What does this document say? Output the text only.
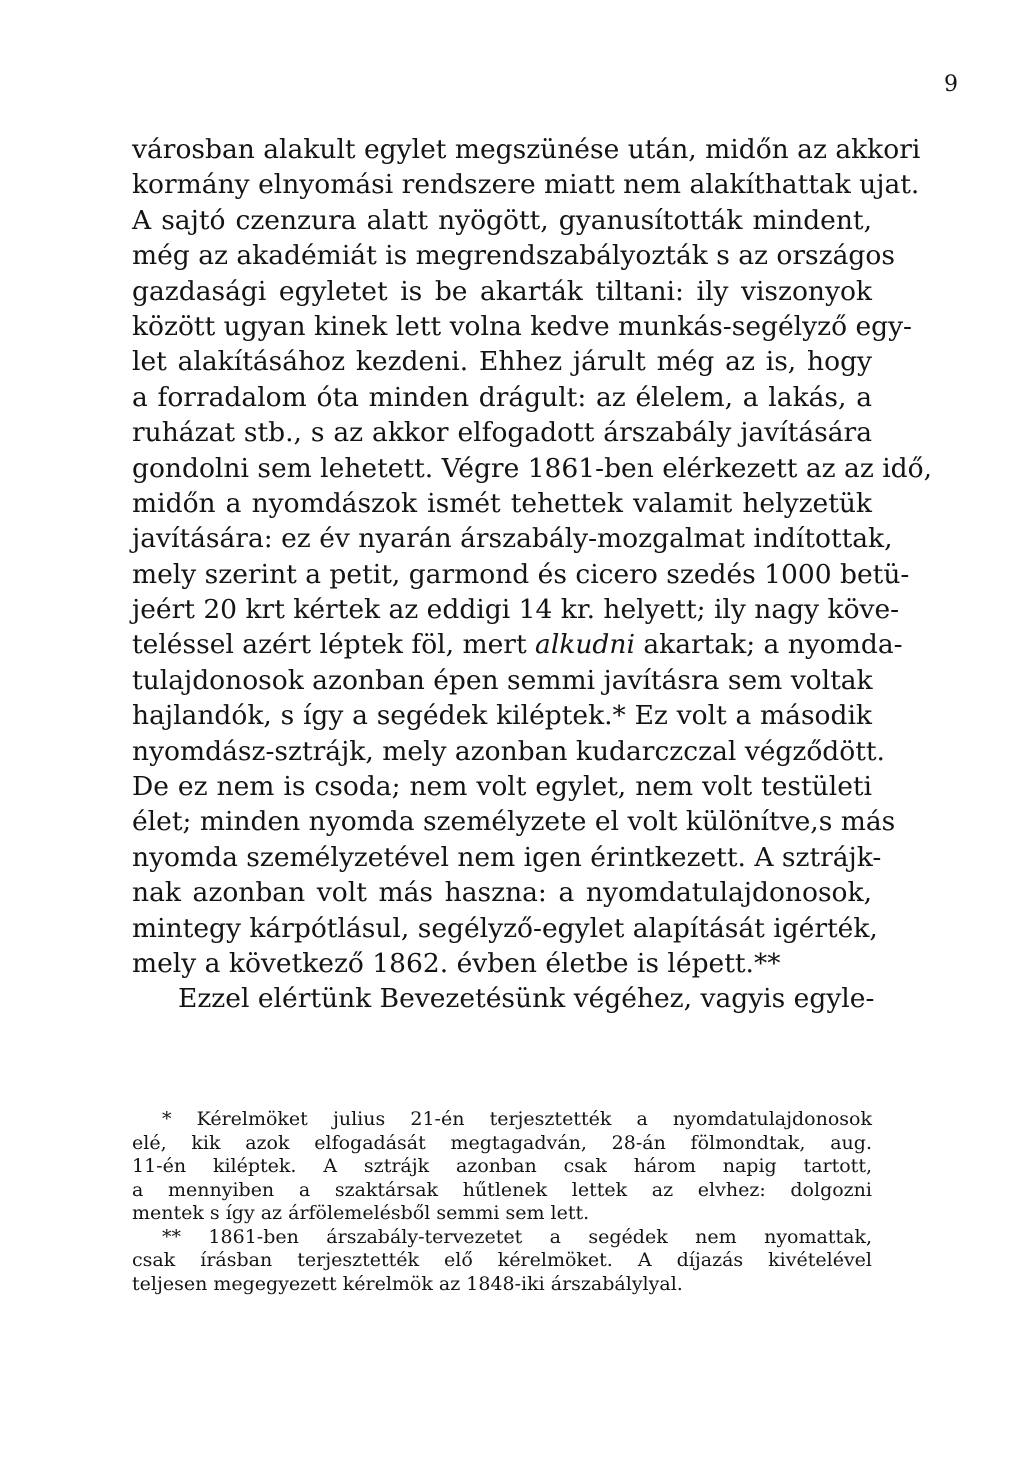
9
városban alakult egylet megszünése után, midőn az akkori
kormány elnyomási rendszere miatt nem alakíthattak ujat.
A sajtó czenzura alatt nyögött, gyanusították mindent,
még az akadémiát is megrendszabályozták s az országos
gazdasági egyletet is be akarták tiltani: ily viszonyok
között ugyan kinek lett volna kedve munkás-segélyző egy-
let alakításához kezdeni. Ehhez járult még az is, hogy
a forradalom óta minden drágult: az élelem, a lakás, a
ruházat stb., s az akkor elfogadott árszabály javítására
gondolni sem lehetett. Végre 1861-ben elérkezett az az idő,
midőn a nyomdászok ismét tehettek valamit helyzetük
javítására: ez év nyarán árszabály-mozgalmat indítottak,
mely szerint a petit, garmond és cicero szedés 1000 betü-
jeért 20 krt kértek az eddigi 14 kr. helyett; ily nagy köve-
teléssel azért léptek föl, mert alkudni akartak; a nyomda-
tulajdonosok azonban épen semmi javításra sem voltak
hajlandók, s így a segédek kiléptek.* Ez volt a második
nyomdász-sztrájk, mely azonban kudarczczal végződött.
De ez nem is csoda; nem volt egylet, nem volt testületi
élet; minden nyomda személyzete el volt különítve,s más
nyomda személyzetével nem igen érintkezett. A sztrájk-
nak azonban volt más haszna: a nyomdatulajdonosok,
mintegy kárpótlásul, segélyző-egylet alapítását igérték,
mely a következő 1862. évben életbe is lépett.**
Ezzel elértünk Bevezetésünk végéhez, vagyis egyle-
* Kérelmöket julius 21-én terjesztették a nyomdatulajdonosok
elé, kik azok elfogadását megtagadván, 28-án fölmondtak, aug.
11-én kiléptek. A sztrájk azonban csak három napig tartott,
a mennyiben a szaktársak hűtlenek lettek az elvhez: dolgozni
mentek s így az árfölemelésből semmi sem lett.
** 1861-ben árszabály-tervezetet a segédek nem nyomattak,
csak írásban terjesztették elő kérelmöket. A díjazás kivételével
teljesen megegyezett kérelmök az 1848-iki árszabálylyal.
